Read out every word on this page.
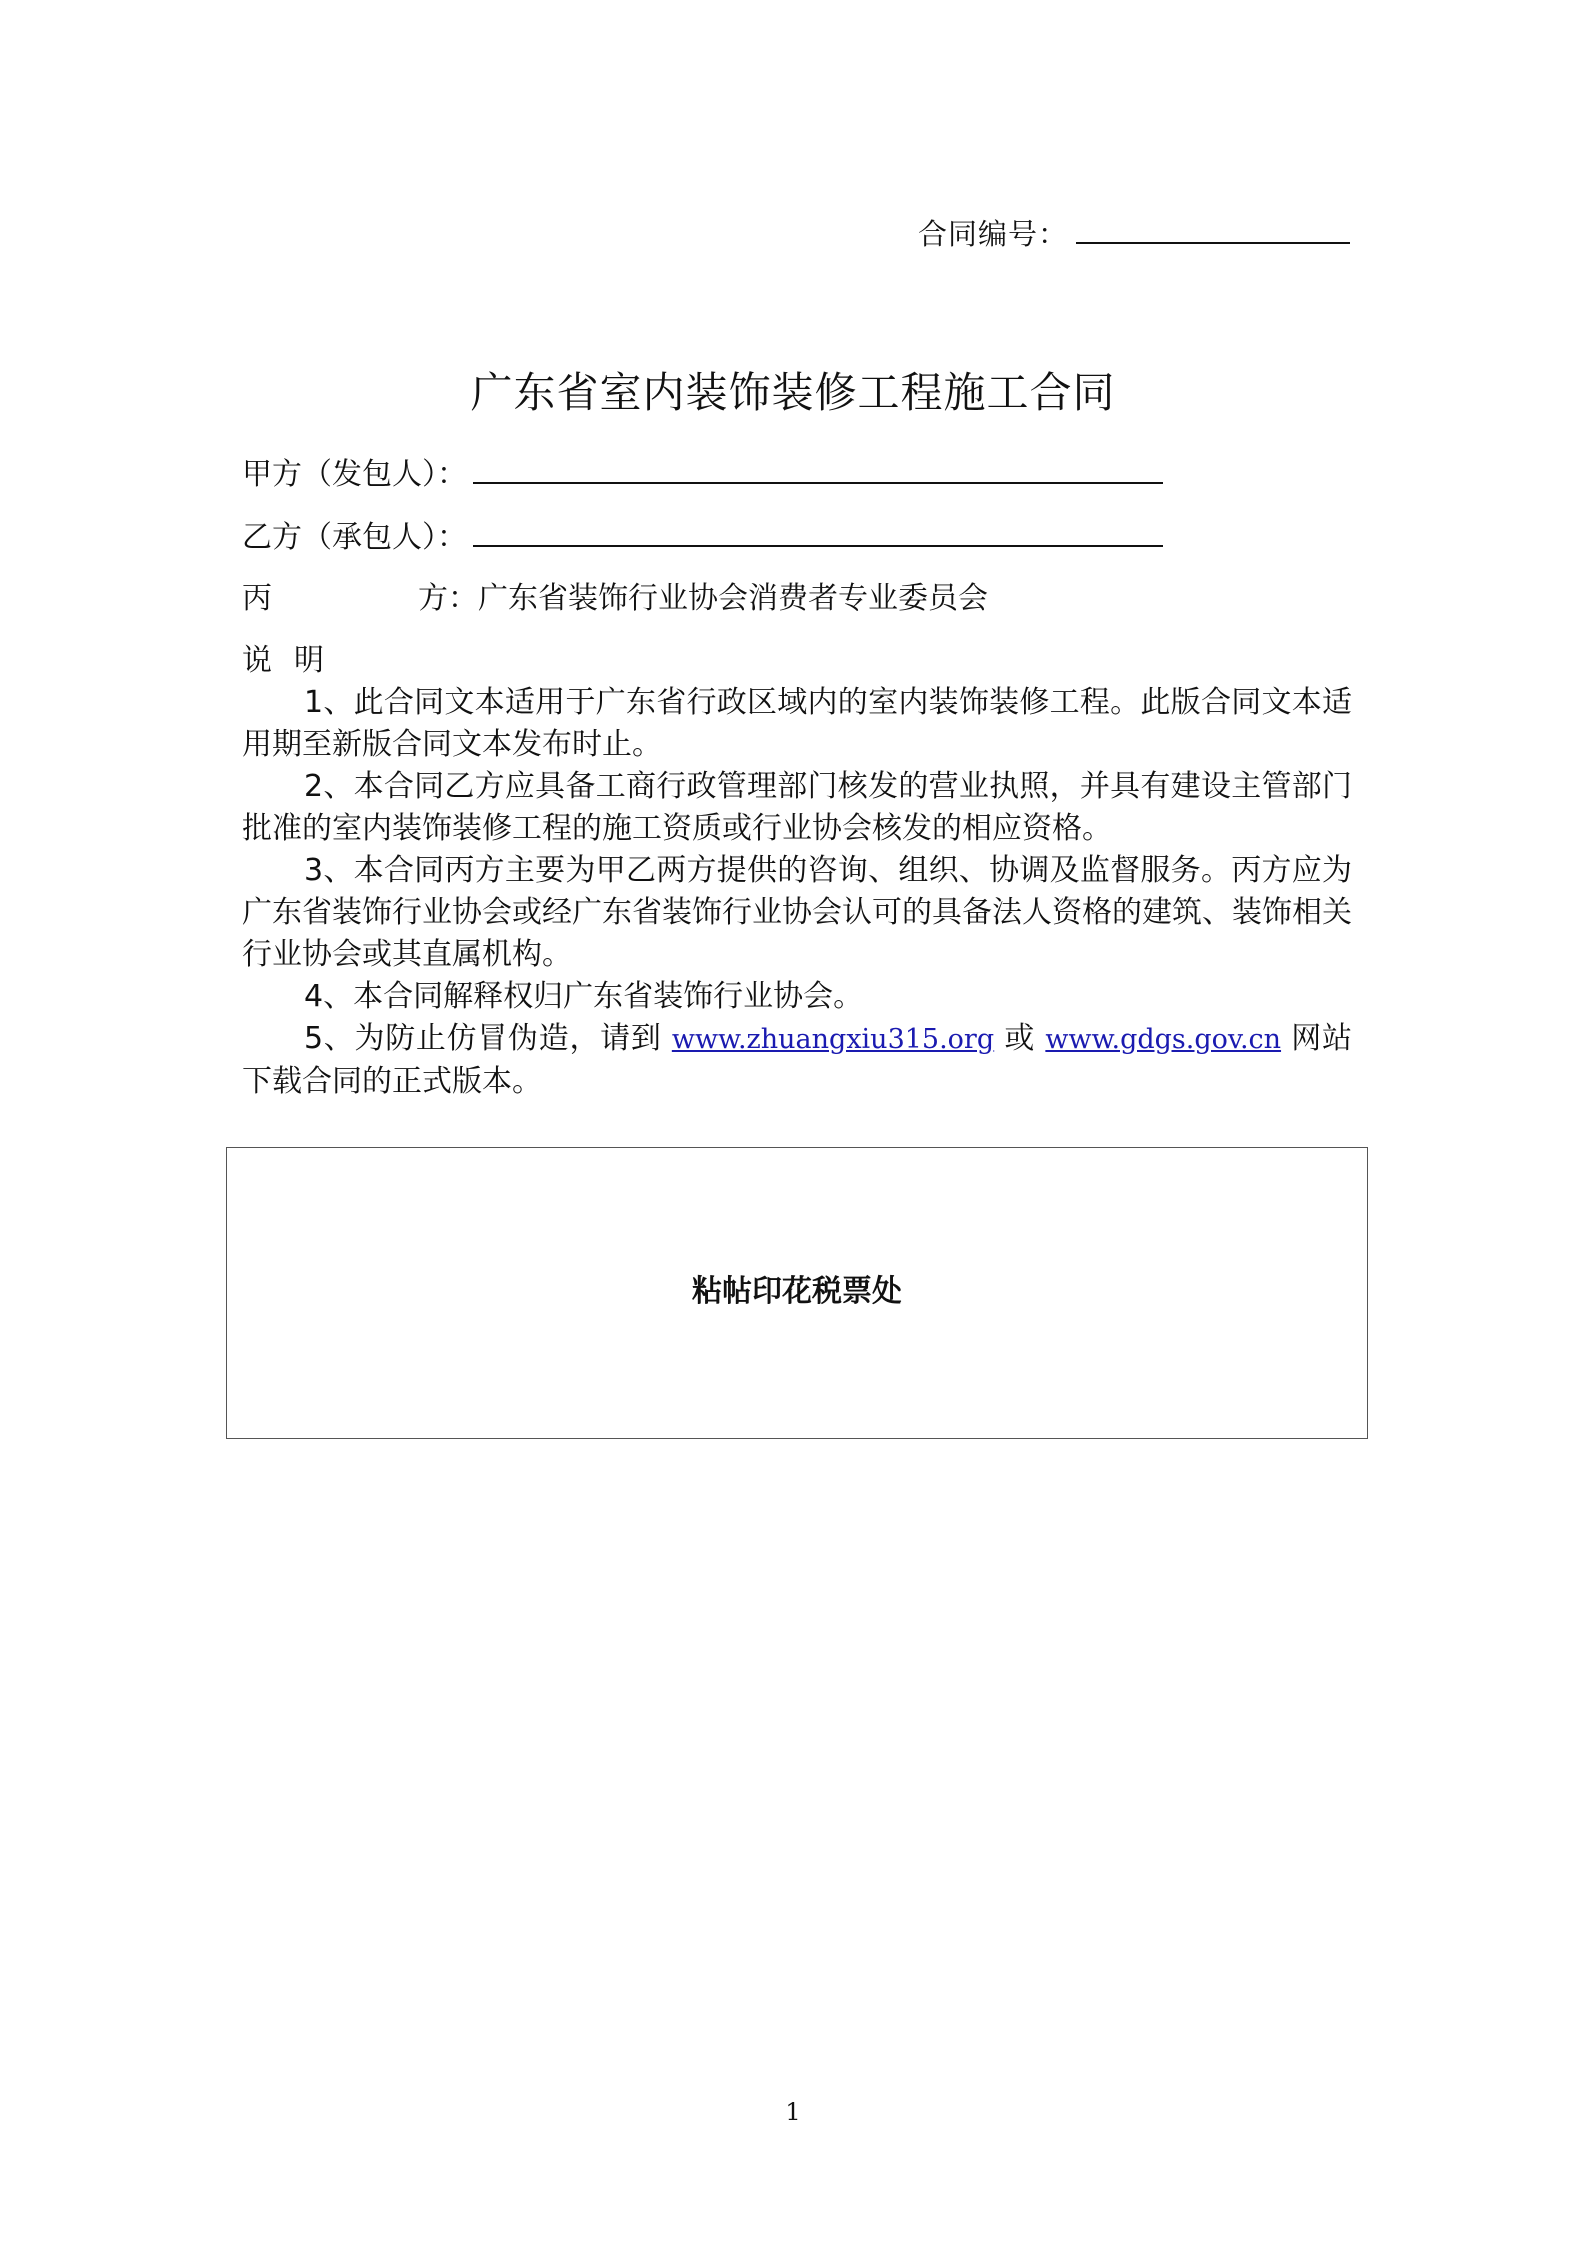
合同编号：
广东省室内装饰装修工程施工合同
甲方（发包人）：
乙方（承包人）：
丙	方：广东省装饰行业协会消费者专业委员会
说明

1、此合同文本适用于广东省行政区域内的室内装饰装修工程。此版合同文本适用期至新版合同文本发布时止。

2、本合同乙方应具备工商行政管理部门核发的营业执照，并具有建设主管部门批准的室内装饰装修工程的施工资质或行业协会核发的相应资格。

3、本合同丙方主要为甲乙两方提供的咨询、组织、协调及监督服务。丙方应为广东省装饰行业协会或经广东省装饰行业协会认可的具备法人资格的建筑、装饰相关行业协会或其直属机构。

4、本合同解释权归广东省装饰行业协会。

5、为防止仿冒伪造，请到 www.zhuangxiu315.org 或 www.gdgs.gov.cn 网站下载合同的正式版本。

粘帖印花税票处
1
